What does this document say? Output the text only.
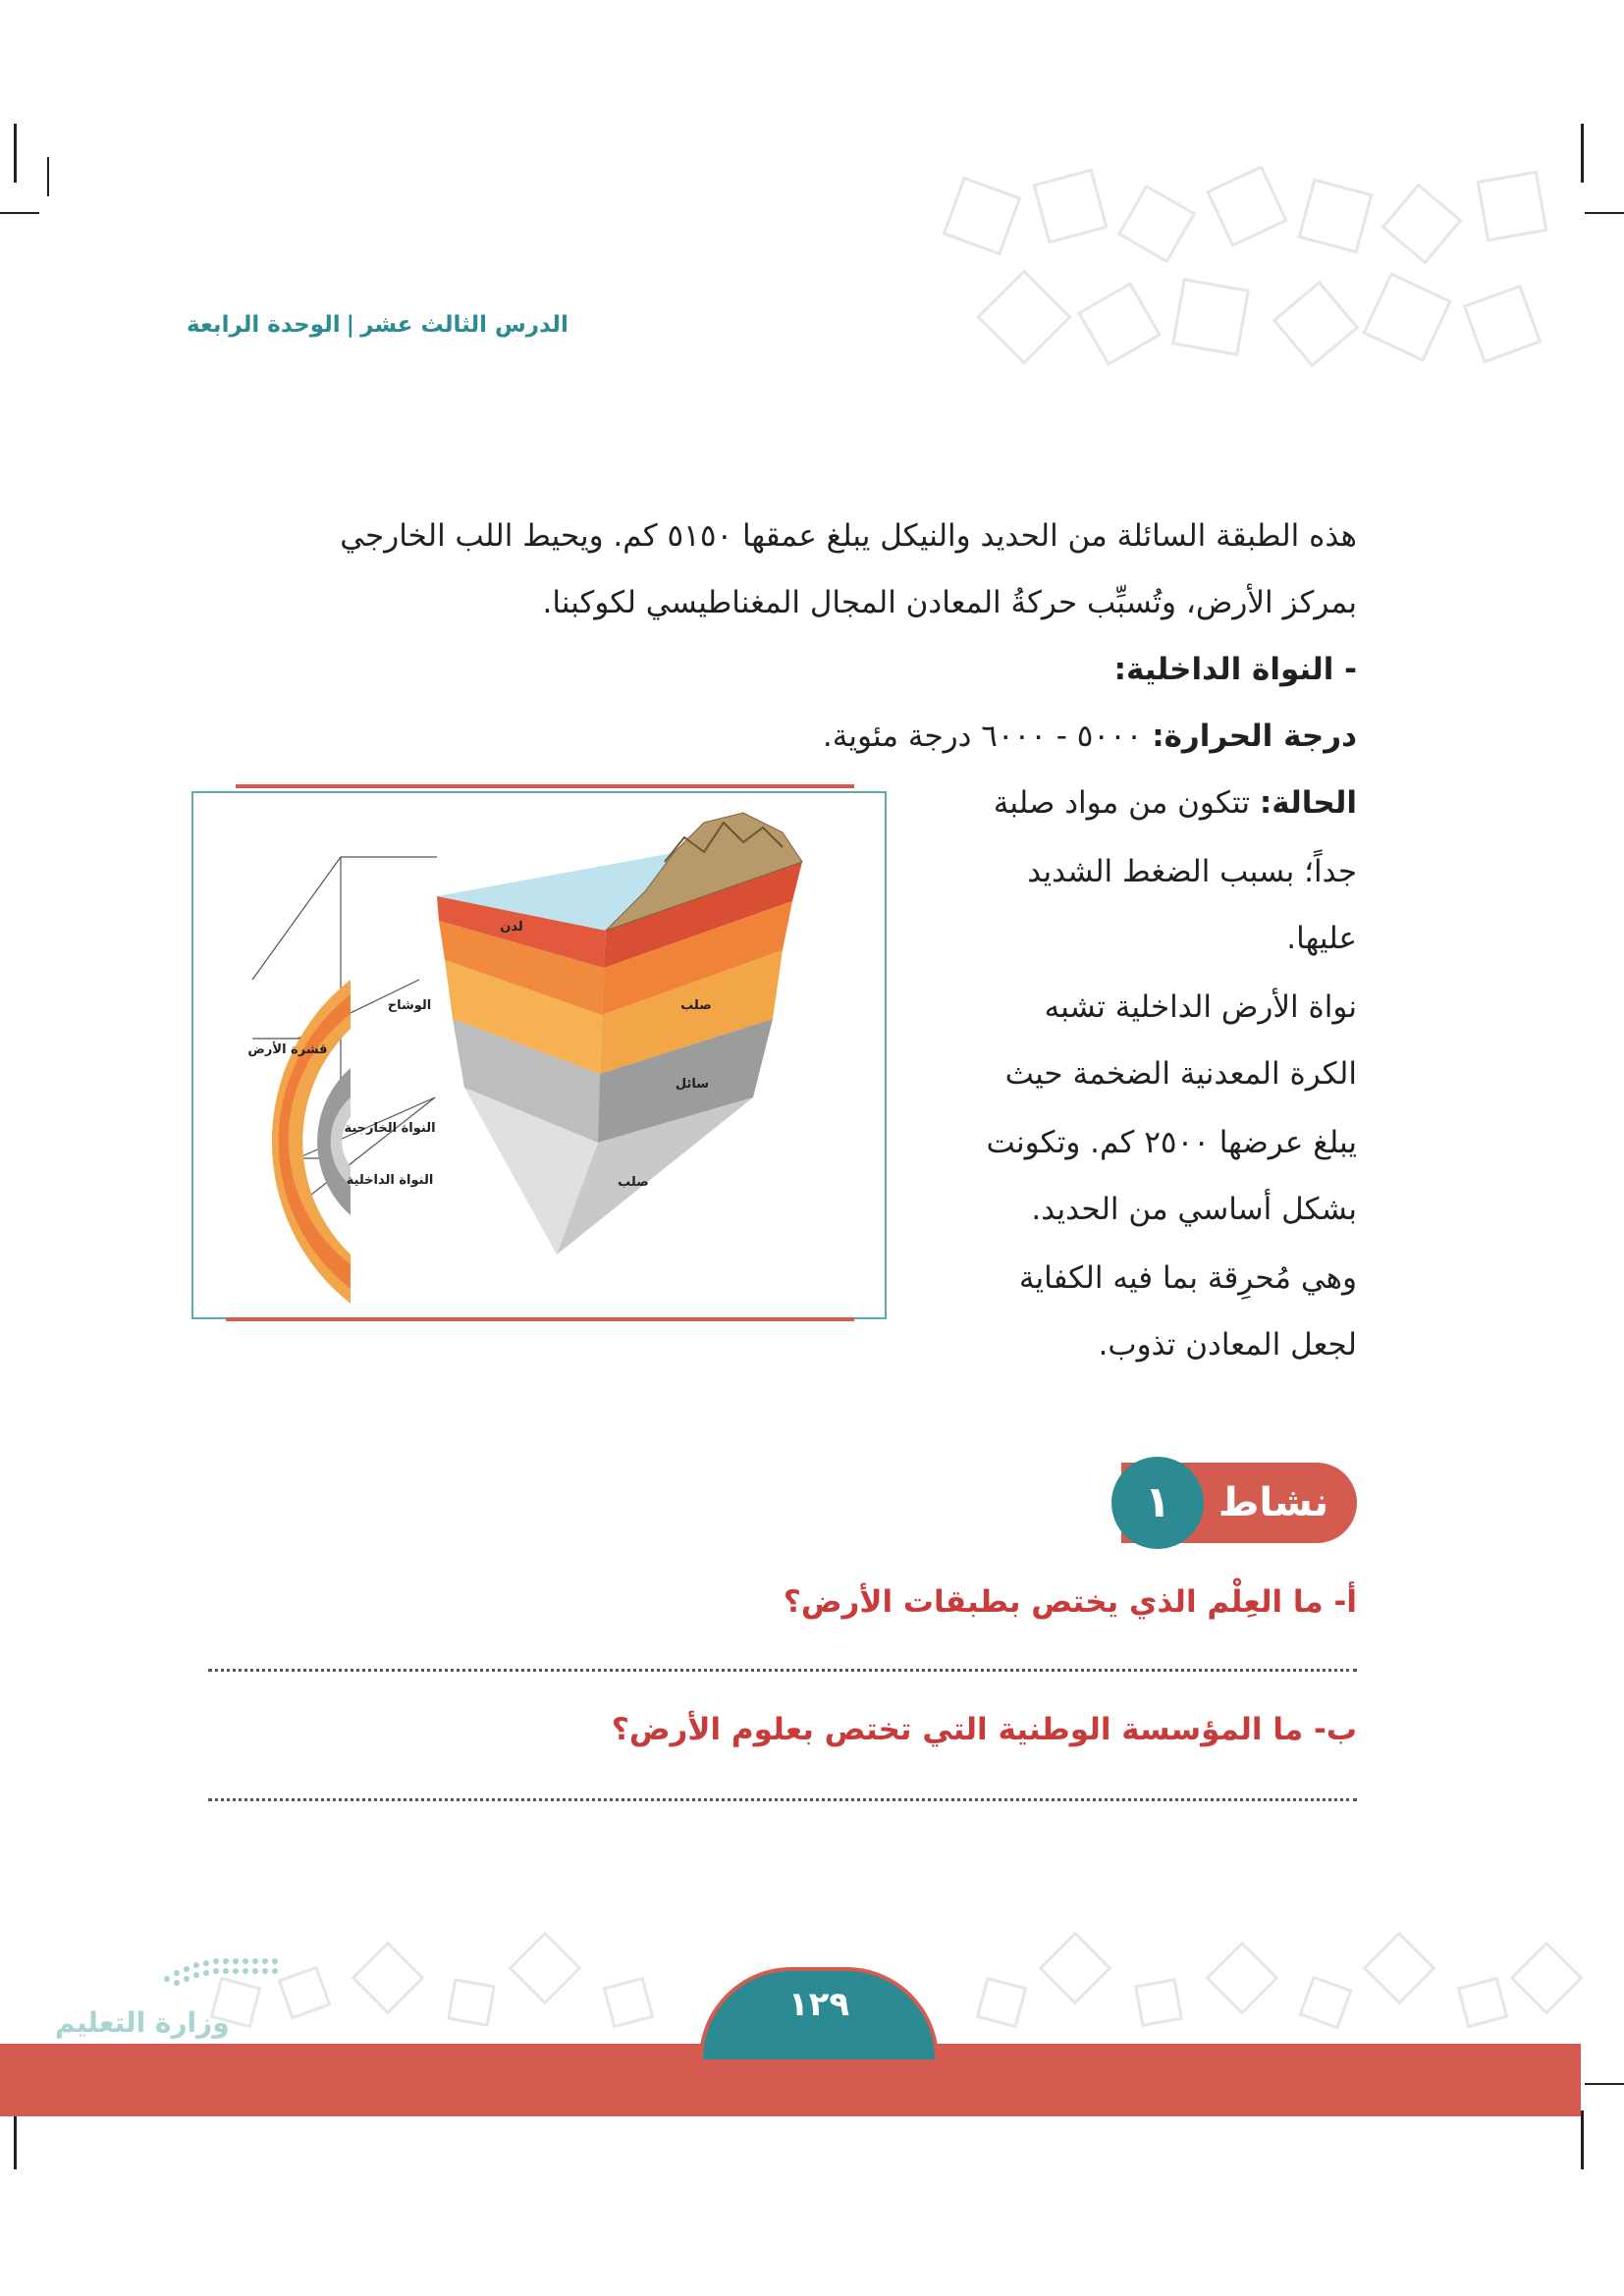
الدرس الثالث عشر|الوحدة الرابعة
هذه الطبقة السائلة من الحديد والنيكل يبلغ عمقها ٥١٥٠ كم. ويحيط اللب الخارجي
بمركز الأرض، وتُسبِّب حركةُ المعادن المجال المغناطيسي لكوكبنا.
- النواة الداخلية:
درجة الحرارة: ٥٠٠٠ - ٦٠٠٠ درجة مئوية.
الحالة: تتكون من مواد صلبة
جداً؛ بسبب الضغط الشديد
عليها.
نواة الأرض الداخلية تشبه
الكرة المعدنية الضخمة حيث
يبلغ عرضها ٢٥٠٠ كم. وتكونت
بشكل أساسي من الحديد.
وهي مُحرِقة بما فيه الكفاية
لجعل المعادن تذوب.
قشرة الأرض
الوشاح
النواة الخارجية
النواة الداخلية
لدن
صلب
سائل
صلب
نشاط
١
أ- ما العِلْم الذي يختص بطبقات الأرض؟
ب- ما المؤسسة الوطنية التي تختص بعلوم الأرض؟
وزارة التعليم	١٢٩
